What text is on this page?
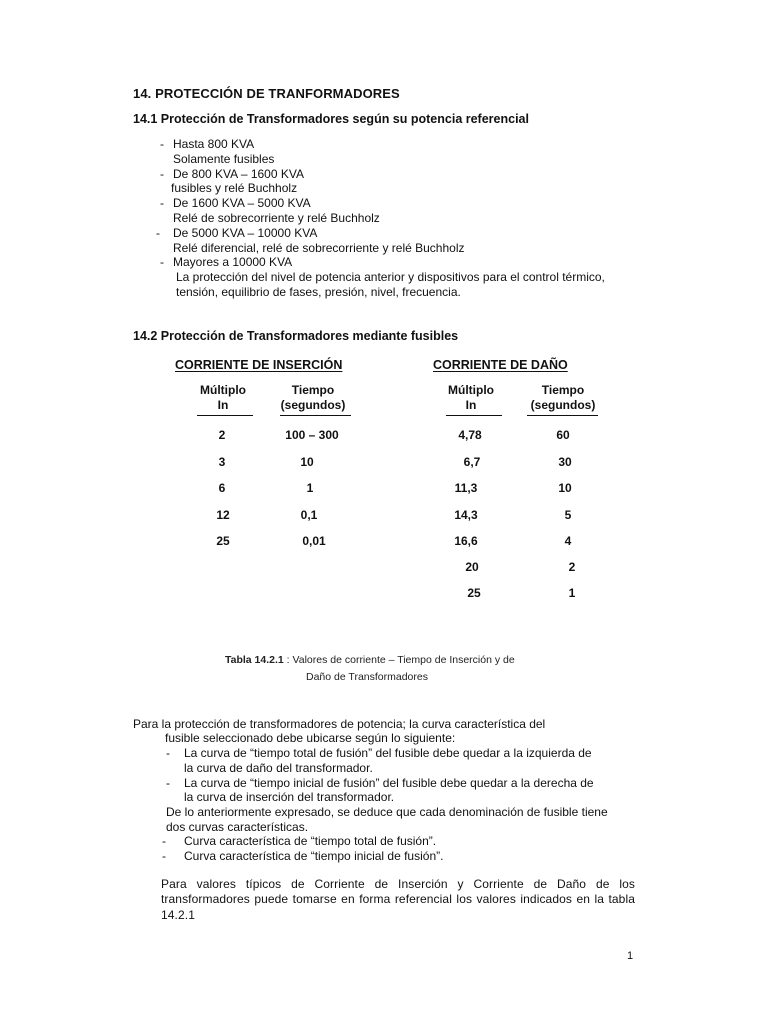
14. PROTECCIÓN DE TRANFORMADORES
14.1 Protección de Transformadores según su potencia referencial
- Hasta 800 KVA
Solamente fusibles
- De 800 KVA – 1600 KVA
fusibles y relé Buchholz
- De 1600 KVA – 5000 KVA
Relé de sobrecorriente y relé Buchholz
- De 5000 KVA – 10000 KVA
Relé diferencial, relé de sobrecorriente y relé Buchholz
- Mayores a 10000 KVA
La protección del nivel de potencia anterior y dispositivos para el control térmico,
tensión, equilibrio de fases, presión, nivel, frecuencia.
14.2 Protección de Transformadores mediante fusibles
CORRIENTE DE INSERCIÓN
Múltiplo
In
Tiempo
(segundos)
2	100 – 300
3	10
6	1
12	0,1
25	0,01
CORRIENTE DE DAÑO
Múltiplo
In
Tiempo
(segundos)
4,78	60
6,7	30
11,3	10
14,3	5
16,6	4
20	2
25	1
Tabla 14.2.1 : Valores de corriente – Tiempo de Inserción y de
Daño de Transformadores
Para la protección de transformadores de potencia; la curva característica del
fusible seleccionado debe ubicarse según lo siguiente:
- La curva de “tiempo total de fusión” del fusible debe quedar a la izquierda de
la curva de daño del transformador.
- La curva de “tiempo inicial de fusión” del fusible debe quedar a la derecha de
la curva de inserción del transformador.
De lo anteriormente expresado, se deduce que cada denominación de fusible tiene
dos curvas características.
- Curva característica de “tiempo total de fusión”.
- Curva característica de “tiempo inicial de fusión”.
Para valores típicos de Corriente de Inserción y Corriente de Daño de los transformadores puede tomarse en forma referencial los valores indicados en la tabla 14.2.1
1
